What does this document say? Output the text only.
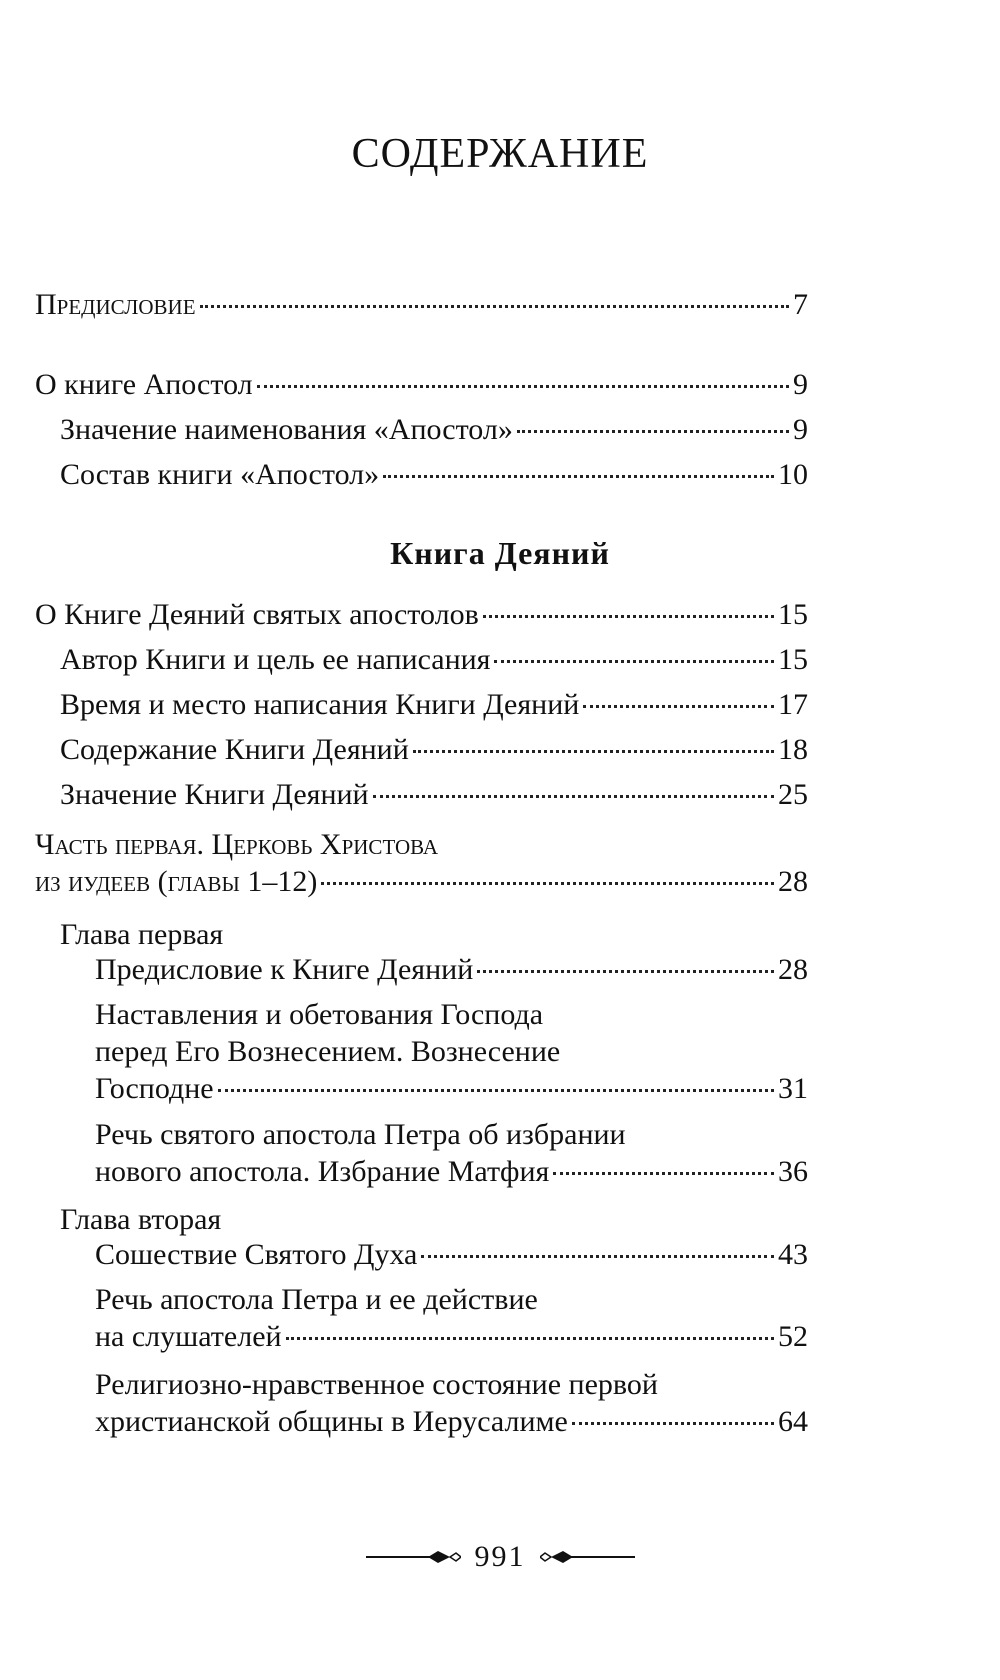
СОДЕРЖАНИЕ
Книга Деяний
Предисловие	7
О книге Апостол	9
Значение наименования «Апостол»	9
Состав книги «Апостол»	10
О Книге Деяний святых апостолов	15
Автор Книги и цель ее написания	15
Время и место написания Книги Деяний	17
Содержание Книги Деяний	18
Значение Книги Деяний	25
Часть первая. Церковь Христова
из иудеев (главы 1–12)	28
Глава первая
Предисловие к Книге Деяний	28
Наставления и обетования Господа
перед Его Вознесением. Вознесение
Господне	31
Речь святого апостола Петра об избрании
нового апостола. Избрание Матфия	36
Глава вторая
Сошествие Святого Духа	43
Речь апостола Петра и ее действие
на слушателей	52
Религиозно-нравственное состояние первой
христианской общины в Иерусалиме	64
991
